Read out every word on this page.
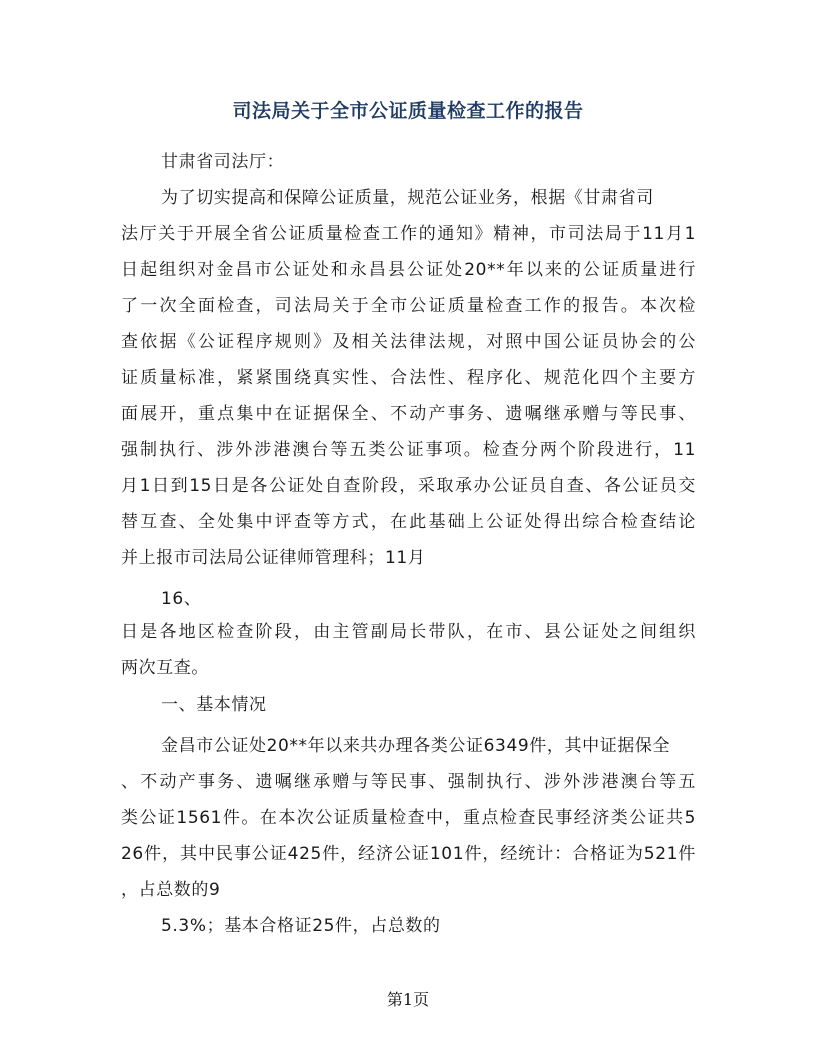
司法局关于全市公证质量检查工作的报告
甘肃省司法厅：
为了切实提高和保障公证质量，规范公证业务，根据《甘肃省司
法厅关于开展全省公证质量检查工作的通知》精神，市司法局于11月1
日起组织对金昌市公证处和永昌县公证处20**年以来的公证质量进行
了一次全面检查，司法局关于全市公证质量检查工作的报告。本次检
查依据《公证程序规则》及相关法律法规，对照中国公证员协会的公
证质量标准，紧紧围绕真实性、合法性、程序化、规范化四个主要方
面展开，重点集中在证据保全、不动产事务、遗嘱继承赠与等民事、
强制执行、涉外涉港澳台等五类公证事项。检查分两个阶段进行，11
月1日到15日是各公证处自查阶段，采取承办公证员自查、各公证员交
替互查、全处集中评查等方式，在此基础上公证处得出综合检查结论
并上报市司法局公证律师管理科；11月
16、
日是各地区检查阶段，由主管副局长带队，在市、县公证处之间组织
两次互查。
一、基本情况
金昌市公证处20**年以来共办理各类公证6349件，其中证据保全
、不动产事务、遗嘱继承赠与等民事、强制执行、涉外涉港澳台等五
类公证1561件。在本次公证质量检查中，重点检查民事经济类公证共5
26件，其中民事公证425件，经济公证101件，经统计：合格证为521件
，占总数的9
5.3%；基本合格证25件，占总数的
第1页
